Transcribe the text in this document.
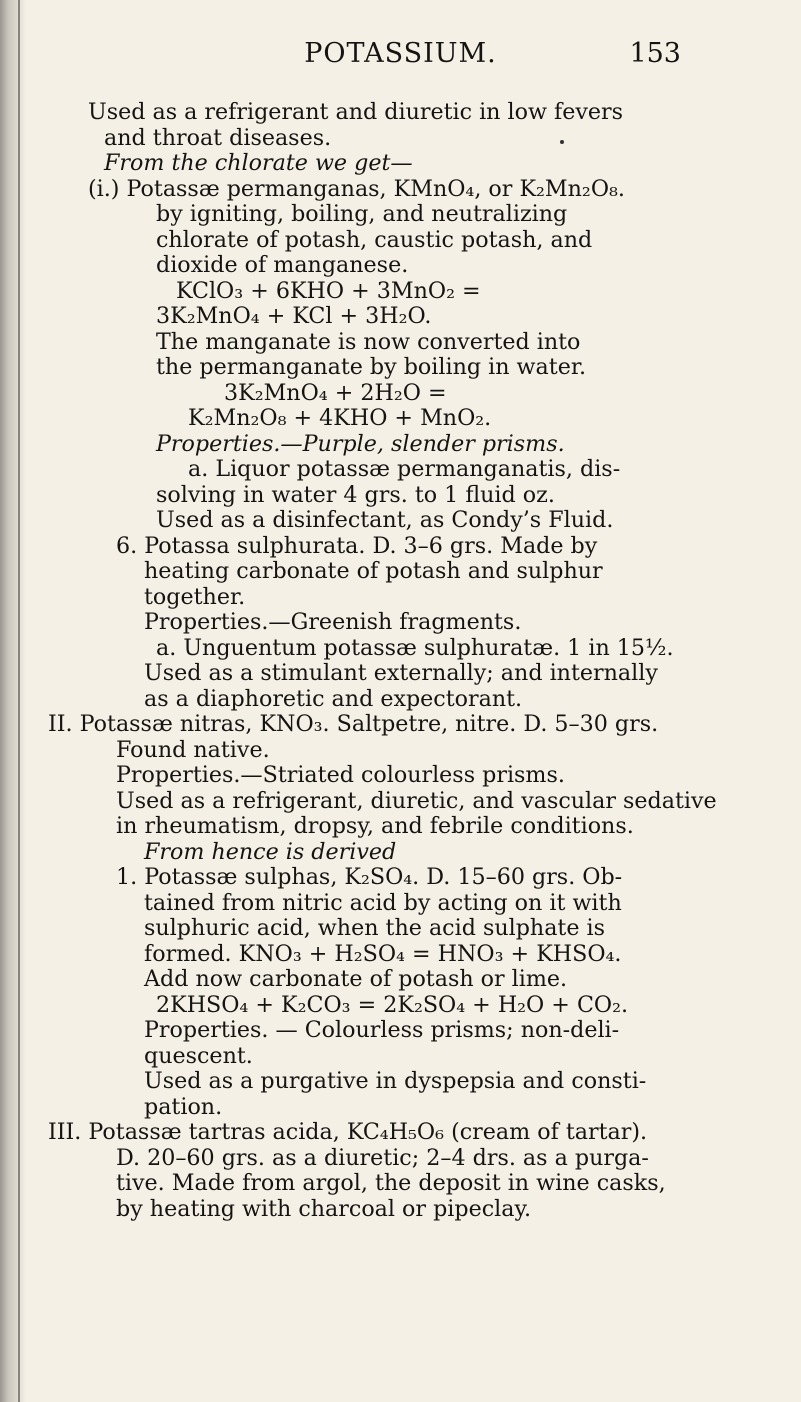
POTASSIUM.	153
Used as a refrigerant and diuretic in low fevers
and throat diseases.
From the chlorate we get—
(i.) Potassæ permanganas, KMnO₄, or K₂Mn₂O₈.
by igniting, boiling, and neutralizing
chlorate of potash, caustic potash, and
dioxide of manganese.
KClO₃ + 6KHO + 3MnO₂ =
3K₂MnO₄ + KCl + 3H₂O.
The manganate is now converted into
the permanganate by boiling in water.
3K₂MnO₄ + 2H₂O =
K₂Mn₂O₈ + 4KHO + MnO₂.
Properties.—Purple, slender prisms.
a. Liquor potassæ permanganatis, dis-
solving in water 4 grs. to 1 fluid oz.
Used as a disinfectant, as Condy’s Fluid.
6. Potassa sulphurata. D. 3–6 grs. Made by
heating carbonate of potash and sulphur
together.
Properties.—Greenish fragments.
a. Unguentum potassæ sulphuratæ. 1 in 15½.
Used as a stimulant externally; and internally
as a diaphoretic and expectorant.
II. Potassæ nitras, KNO₃. Saltpetre, nitre. D. 5–30 grs.
Found native.
Properties.—Striated colourless prisms.
Used as a refrigerant, diuretic, and vascular sedative
in rheumatism, dropsy, and febrile conditions.
From hence is derived
1. Potassæ sulphas, K₂SO₄. D. 15–60 grs. Ob-
tained from nitric acid by acting on it with
sulphuric acid, when the acid sulphate is
formed. KNO₃ + H₂SO₄ = HNO₃ + KHSO₄.
Add now carbonate of potash or lime.
2KHSO₄ + K₂CO₃ = 2K₂SO₄ + H₂O + CO₂.
Properties. — Colourless prisms; non-deli-
quescent.
Used as a purgative in dyspepsia and consti-
pation.
III. Potassæ tartras acida, KC₄H₅O₆ (cream of tartar).
D. 20–60 grs. as a diuretic; 2–4 drs. as a purga-
tive. Made from argol, the deposit in wine casks,
by heating with charcoal or pipeclay.
